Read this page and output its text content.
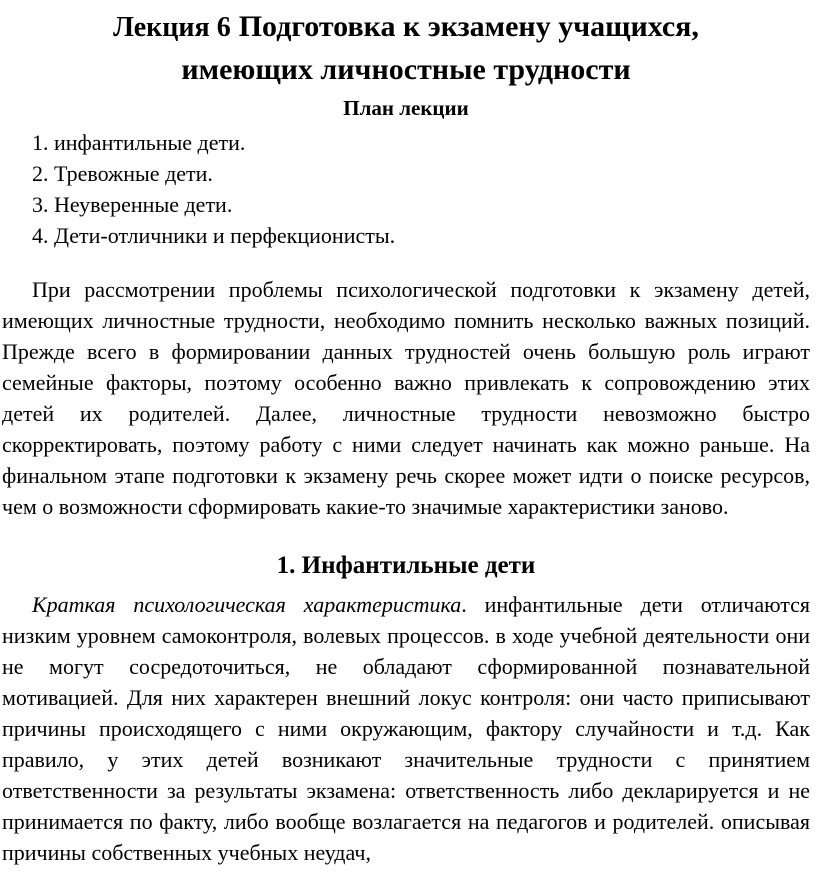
Лекция 6 Подготовка к экзамену учащихся,
имеющих личностные трудности
План лекции
1. инфантильные дети.
2. Тревожные дети.
3. Неуверенные дети.
4. Дети-отличники и перфекционисты.

При рассмотрении проблемы психологической подготовки к экзамену детей, имеющих личностные трудности, необходимо помнить несколько важных позиций. Прежде всего в формировании данных трудностей очень большую роль играют семейные факторы, поэтому особенно важно привлекать к сопровождению этих детей их родителей. Далее, личностные трудности невозможно быстро скорректировать, поэтому работу с ними следует начинать как можно раньше. На финальном этапе подготовки к экзамену речь скорее может идти о поиске ресурсов, чем о возможности сформировать какие-то значимые характеристики заново.

1. Инфантильные дети

Краткая психологическая характеристика. инфантильные дети отличаются низким уровнем самоконтроля, волевых процессов. в ходе учебной деятельности они не могут сосредоточиться, не обладают сформированной познавательной мотивацией. Для них характерен внешний локус контроля: они часто приписывают причины происходящего с ними окружающим, фактору случайности и т.д. Как правило, у этих детей возникают значительные трудности с принятием ответственности за результаты экзамена: ответственность либо декларируется и не принимается по факту, либо вообще возлагается на педагогов и родителей. описывая причины собственных учебных неудач,
